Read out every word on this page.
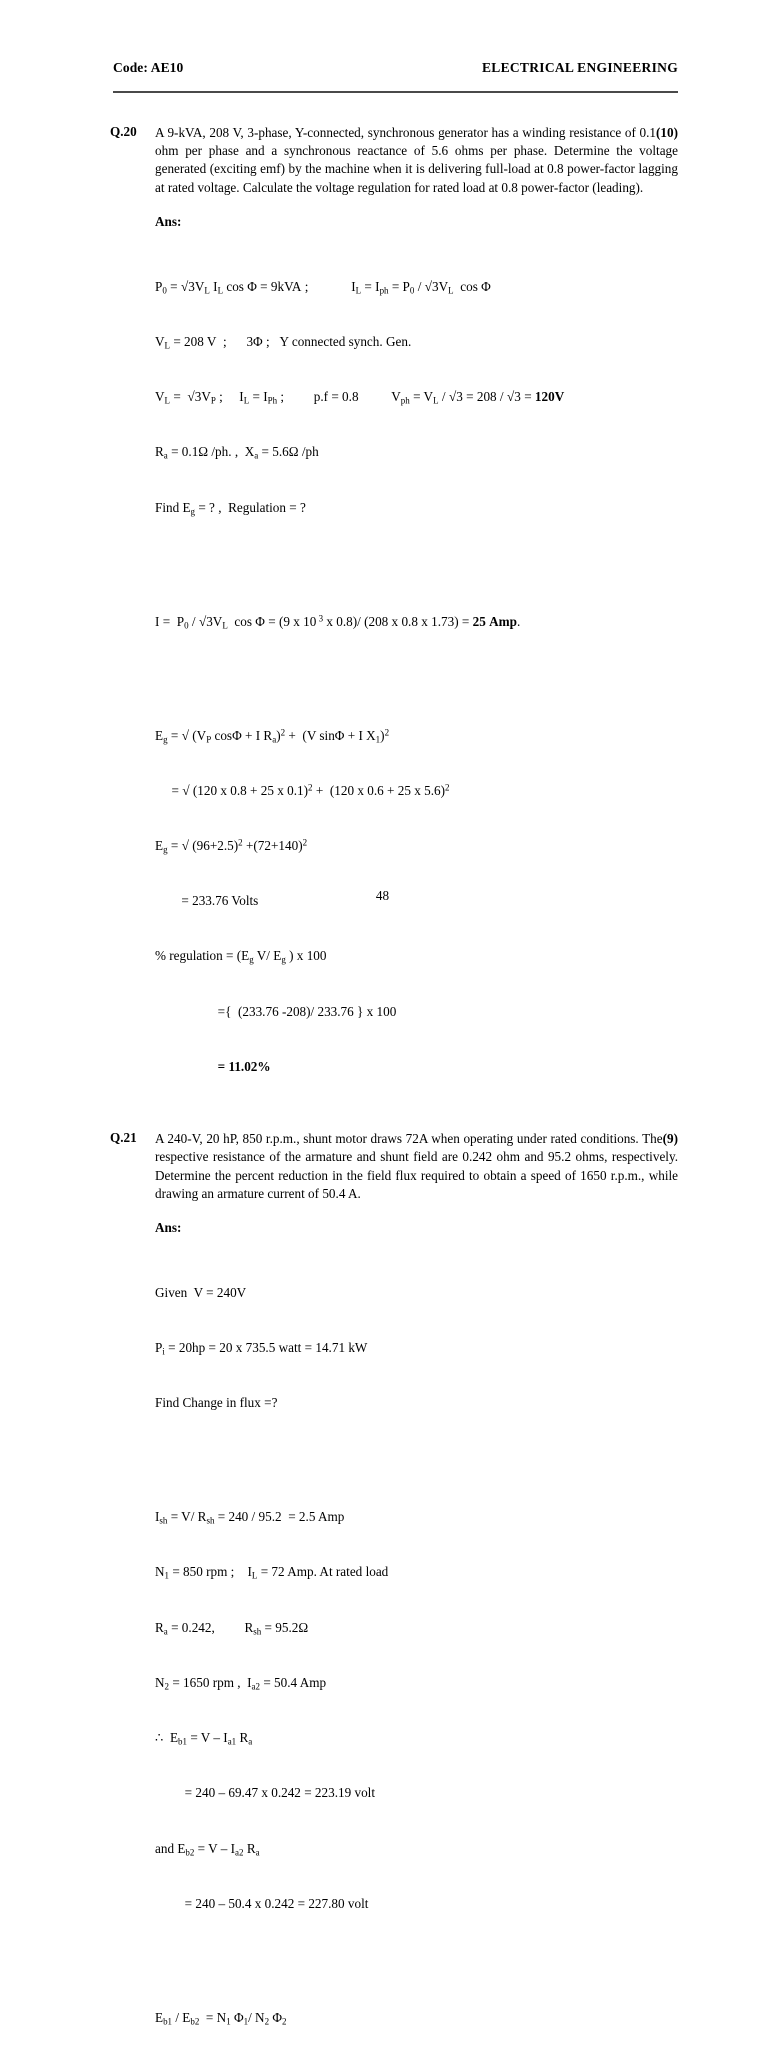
Code: AE10	ELECTRICAL ENGINEERING
Q.20	(10)
A 9-kVA, 208 V, 3-phase, Y-connected, synchronous generator has a winding resistance of 0.1 ohm per phase and a synchronous reactance of 5.6 ohms per phase. Determine the voltage generated (exciting emf) by the machine when it is delivering full-load at 0.8 power-factor lagging at rated voltage. Calculate the voltage regulation for rated load at 0.8 power-factor (leading).
Ans:

$P_0 = √3V_L$ $I_L$ cos Φ = 9kVA ;             $I_L = I_{ph} = P_0 / √3V_L$  cos Φ

$V_L = 208$ V  ;      3Φ ;   Y connected synch. Gen.

$V_L = √3V_P$ ;     $I_L = I_{Ph}$ ;         p.f = 0.8          $V_{ph} = V_L / √3 = 208 / √3 = 120V$

$R_a = 0.1\Omega$ /ph. ,  $X_a = 5.6\Omega$ /ph

Find $E_g$ = ? ,  Regulation = ?

$I = P_0 / √3V_L$  cos Φ = (9 x 10 $^3$ x 0.8)/ (208 x 0.8 x 1.73) = 25 Amp.

$E_g$ = √ ($V_P$ cosΦ + I $R_a)^2 + (V$ sinΦ + I $X_1)^2$

= √ (120 x 0.8 + 25 x 0.1)$^2$ +  (120 x 0.6 + 25 x 5.6)$^2$

$E_g$ = √ $(96+2.5)^2 +(72+140)^2$

= 233.76 Volts

% regulation = ($E_g$ V/ $E_g$ ) x 100

={  (233.76 -208)/ 233.76 } x 100

= 11.02%

Q.21	(9)
A 240-V, 20 hP, 850 r.p.m., shunt motor draws 72A when operating under rated conditions. The respective resistance of the armature and shunt field are 0.242 ohm and 95.2 ohms, respectively. Determine the percent reduction in the field flux required to obtain a speed of 1650 r.p.m., while drawing an armature current of 50.4 A.
Ans:

Given  V = 240V

$P_i = 20hp = 20$ x 735.5 watt = 14.71 kW

Find Change in flux =?

$I_{sh} = V/$ $R_{sh} = 240 / 95.2 = 2.5$ Amp

$N_1 = 850$ rpm ;    $I_L = 72$ Amp. At rated load

$R_a = 0.242$,         $R_{sh} = 95.2\Omega$

$N_2 = 1650$ rpm ,  $I_{a2} = 50.4$ Amp

∴  $E_{b1} = V - I_{a1}$ $R_a$

= 240 – 69.47 x 0.242 = 223.19 volt

and $E_{b2} = V - I_{a2}$ $R_a$

= 240 – 50.4 x 0.242 = 227.80 volt

$E_{b1} / E_{b2} = N_1$ $\Phi_1/$ $N_2$ $\Phi_2$

48
